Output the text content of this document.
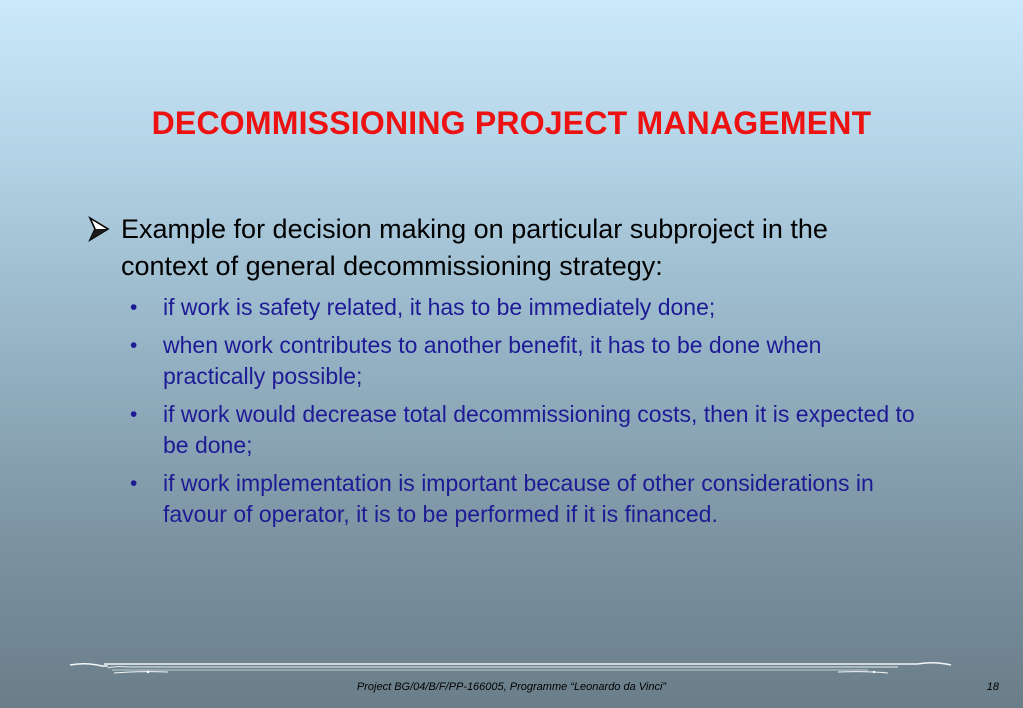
DECOMMISSIONING PROJECT MANAGEMENT
Example for decision making on particular subproject in the context of general decommissioning strategy:
• if work is safety related, it has to be immediately done;
• when work contributes to another benefit, it has to be done when practically possible;
• if work would decrease total decommissioning costs, then it is expected to be done;
• if work implementation is important because of other considerations in favour of operator, it is to be performed if it is financed.
Project BG/04/B/F/PP-166005, Programme “Leonardo da Vinci”	18
